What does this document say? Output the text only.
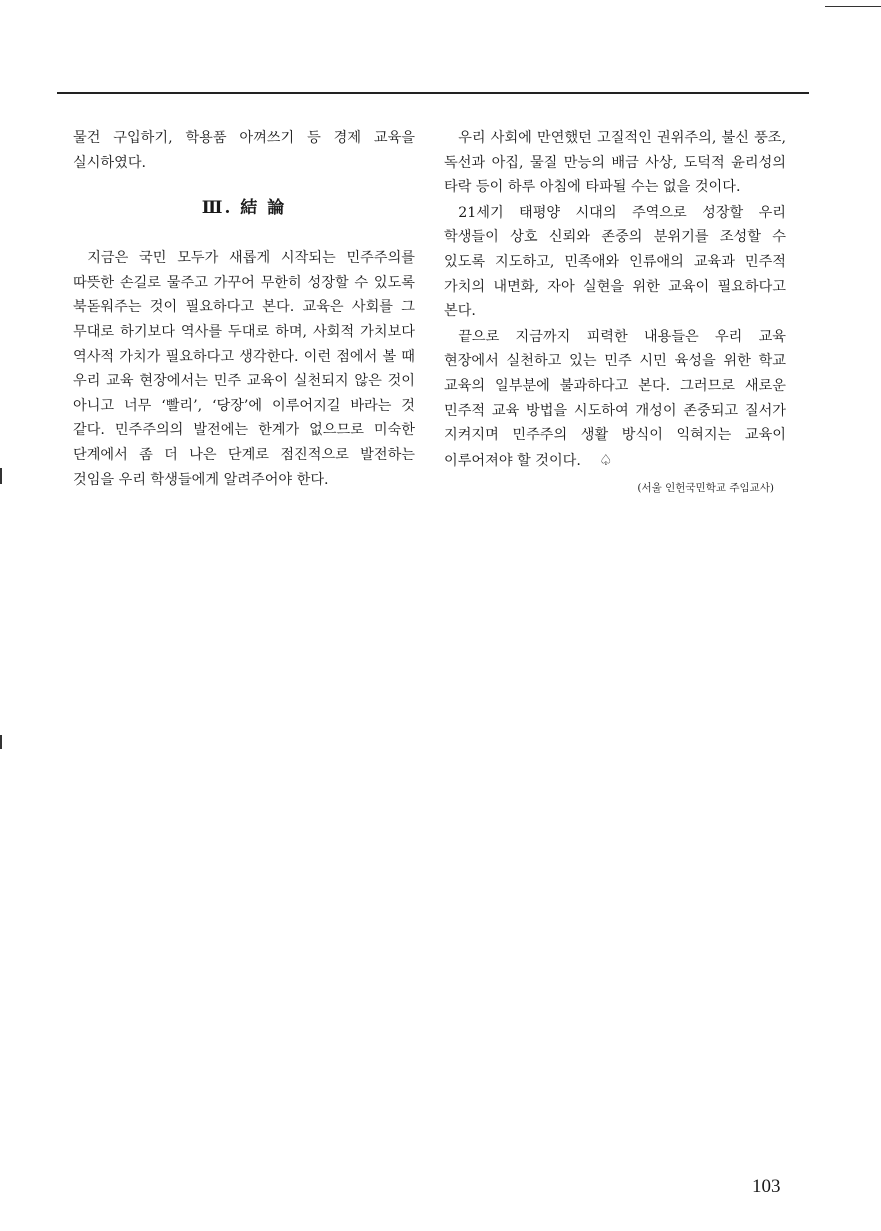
물건 구입하기, 학용품 아껴쓰기 등 경제 교육을 실시하였다.

Ⅲ. 結 論

지금은 국민 모두가 새롭게 시작되는 민주주의를 따뜻한 손길로 물주고 가꾸어 무한히 성장할 수 있도록 북돋워주는 것이 필요하다고 본다. 교육은 사회를 그 무대로 하기보다 역사를 두대로 하며, 사회적 가치보다 역사적 가치가 필요하다고 생각한다. 이런 점에서 볼 때 우리 교육 현장에서는 민주 교육이 실천되지 않은 것이 아니고 너무 ‘빨리’, ‘당장’에 이루어지길 바라는 것 같다. 민주주의의 발전에는 한계가 없으므로 미숙한 단계에서 좀 더 나은 단계로 점진적으로 발전하는 것임을 우리 학생들에게 알려주어야 한다.

우리 사회에 만연했던 고질적인 권위주의, 불신 풍조, 독선과 아집, 물질 만능의 배금 사상, 도덕적 윤리성의 타락 등이 하루 아침에 타파될 수는 없을 것이다.

21세기 태평양 시대의 주역으로 성장할 우리 학생들이 상호 신뢰와 존중의 분위기를 조성할 수 있도록 지도하고, 민족애와 인류애의 교육과 민주적 가치의 내면화, 자아 실현을 위한 교육이 필요하다고 본다.

끝으로 지금까지 피력한 내용들은 우리 교육 현장에서 실천하고 있는 민주 시민 육성을 위한 학교 교육의 일부분에 불과하다고 본다. 그러므로 새로운 민주적 교육 방법을 시도하여 개성이 존중되고 질서가 지켜지며 민주주의 생활 방식이 익혀지는 교육이 이루어져야 할 것이다. ♤

(서울 인헌국민학교 주임교사)
103
